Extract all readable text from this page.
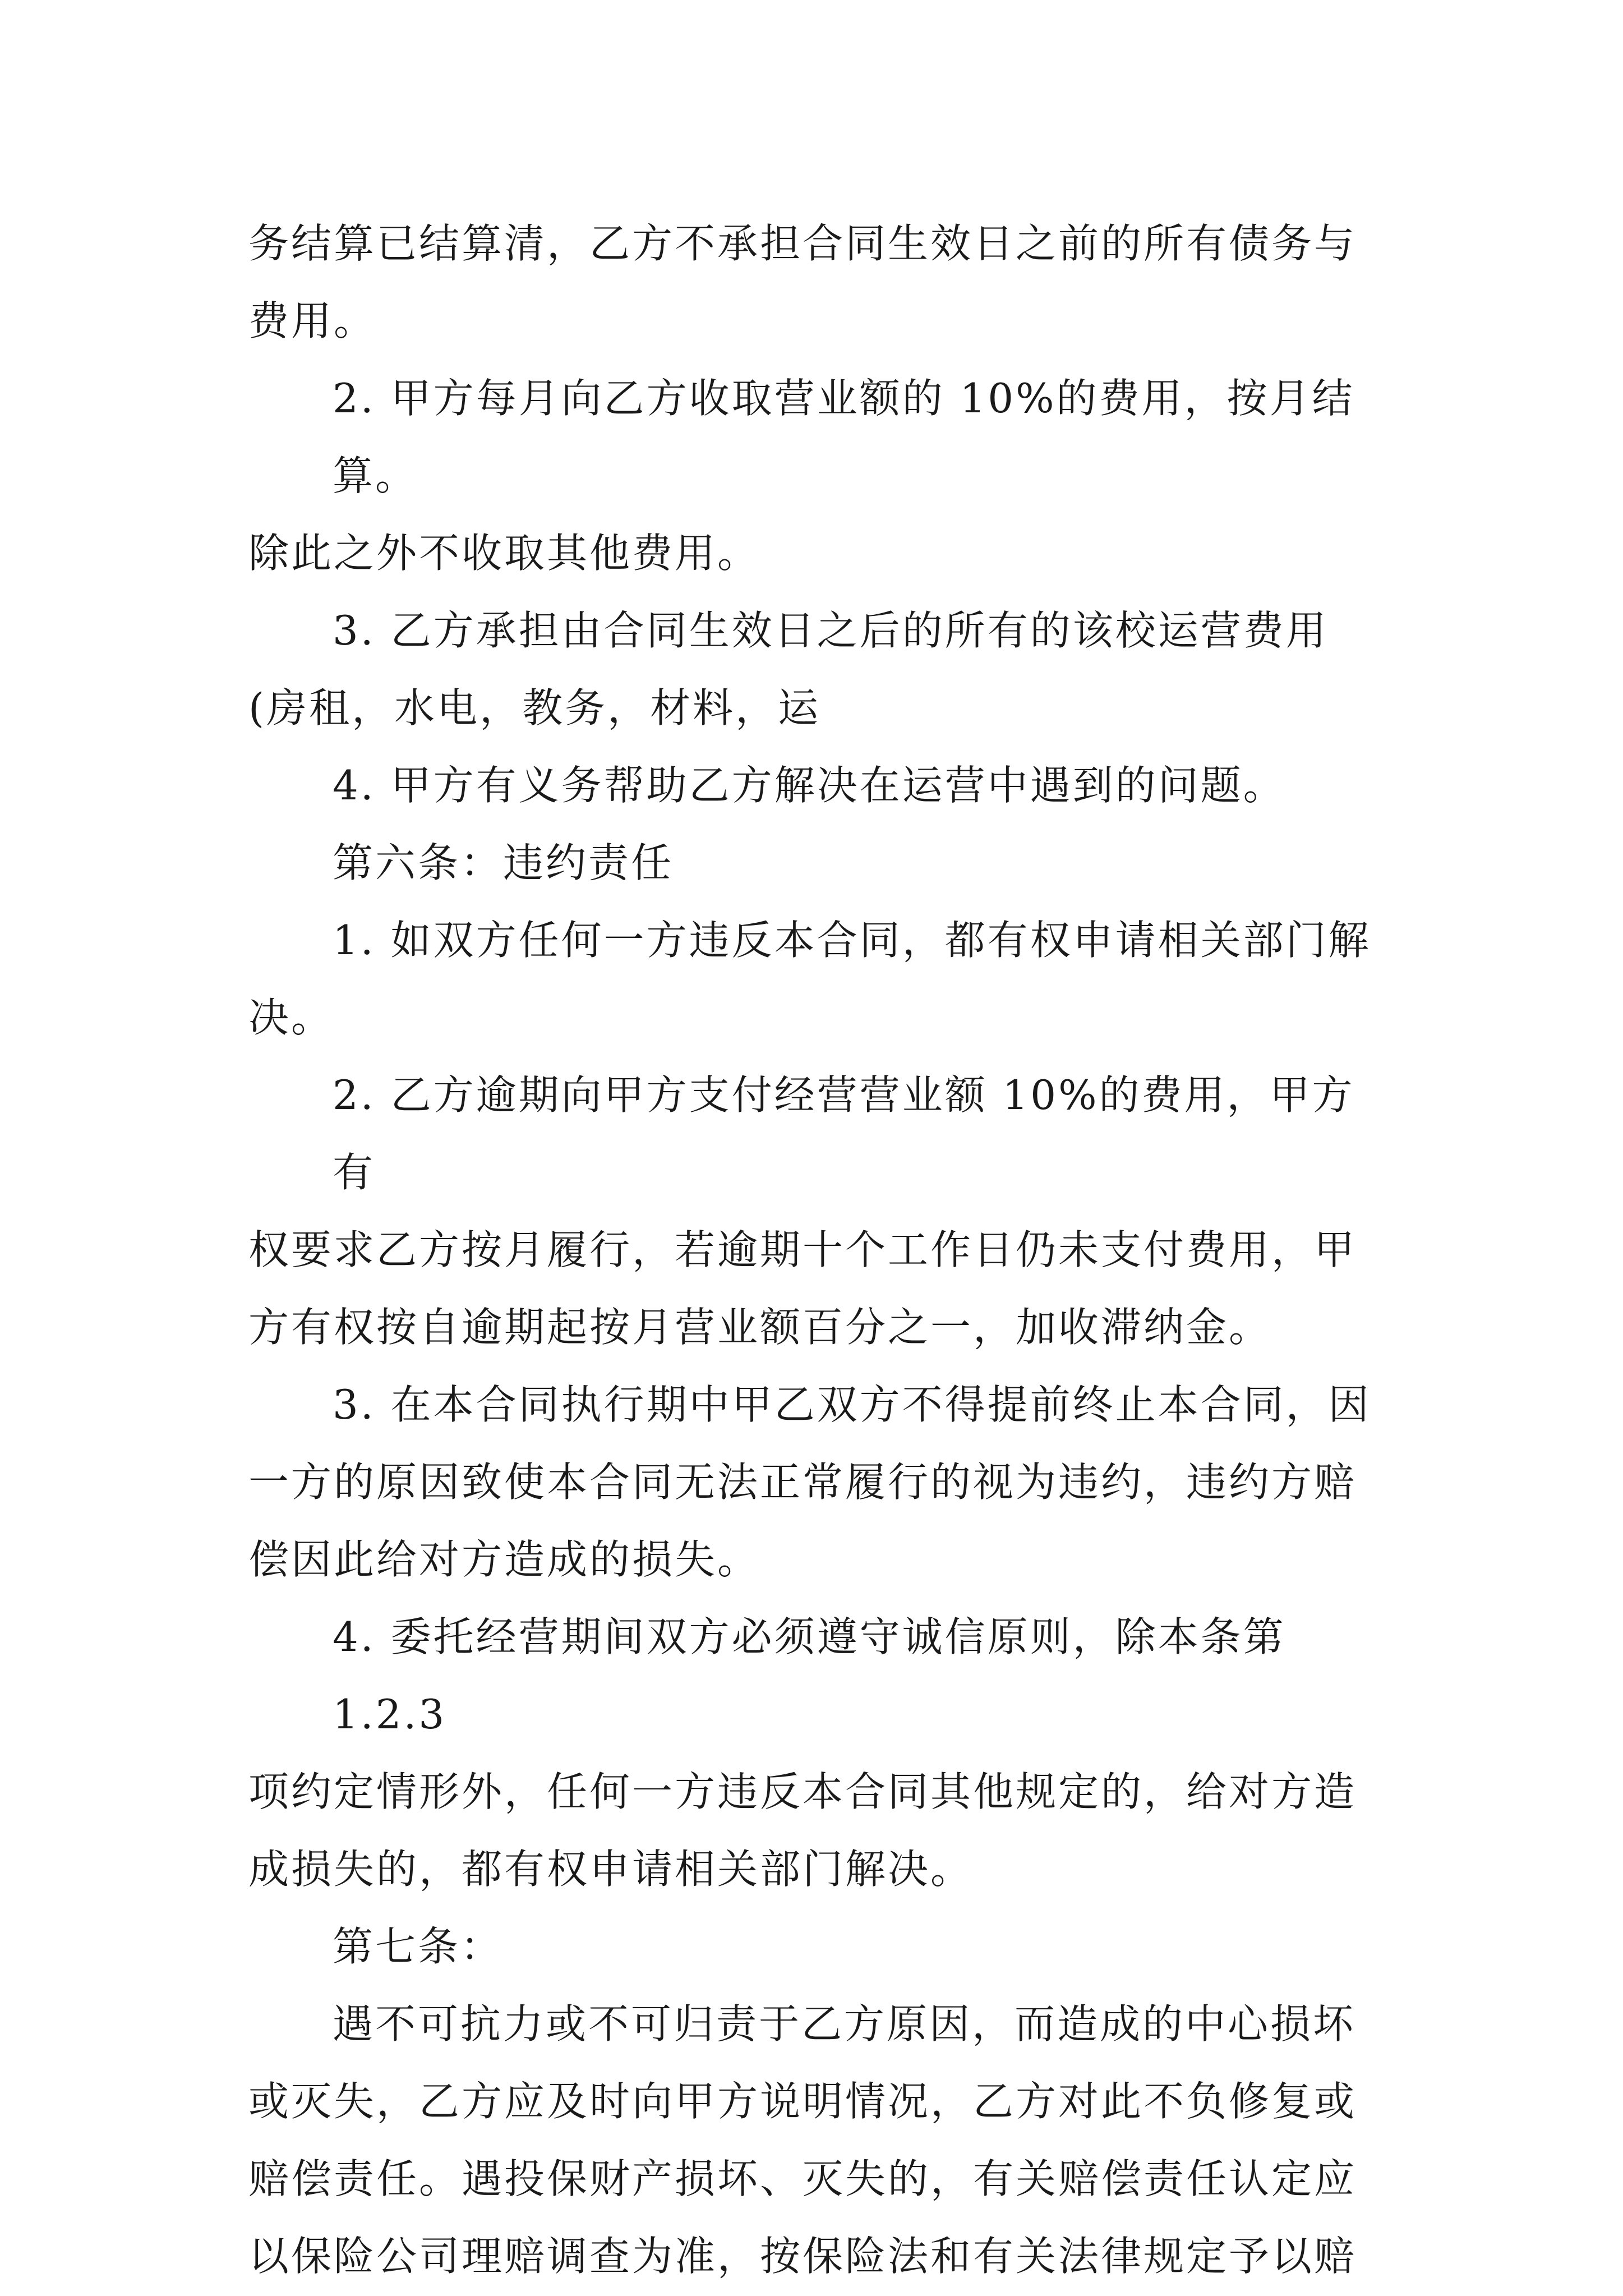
务结算已结算清，乙方不承担合同生效日之前的所有债务与
费用。
2. 甲方每月向乙方收取营业额的 10%的费用，按月结算。
除此之外不收取其他费用。
3. 乙方承担由合同生效日之后的所有的该校运营费用
(房租，水电，教务，材料，运
4. 甲方有义务帮助乙方解决在运营中遇到的问题。
第六条：违约责任
1. 如双方任何一方违反本合同，都有权申请相关部门解
决。
2. 乙方逾期向甲方支付经营营业额 10%的费用，甲方有
权要求乙方按月履行，若逾期十个工作日仍未支付费用，甲
方有权按自逾期起按月营业额百分之一，加收滞纳金。
3. 在本合同执行期中甲乙双方不得提前终止本合同，因
一方的原因致使本合同无法正常履行的视为违约，违约方赔
偿因此给对方造成的损失。
4. 委托经营期间双方必须遵守诚信原则，除本条第 1.2.3
项约定情形外，任何一方违反本合同其他规定的，给对方造
成损失的，都有权申请相关部门解决。
第七条：
遇不可抗力或不可归责于乙方原因，而造成的中心损坏
或灭失，乙方应及时向甲方说明情况，乙方对此不负修复或
赔偿责任。遇投保财产损坏、灭失的，有关赔偿责任认定应
以保险公司理赔调查为准，按保险法和有关法律规定予以赔
